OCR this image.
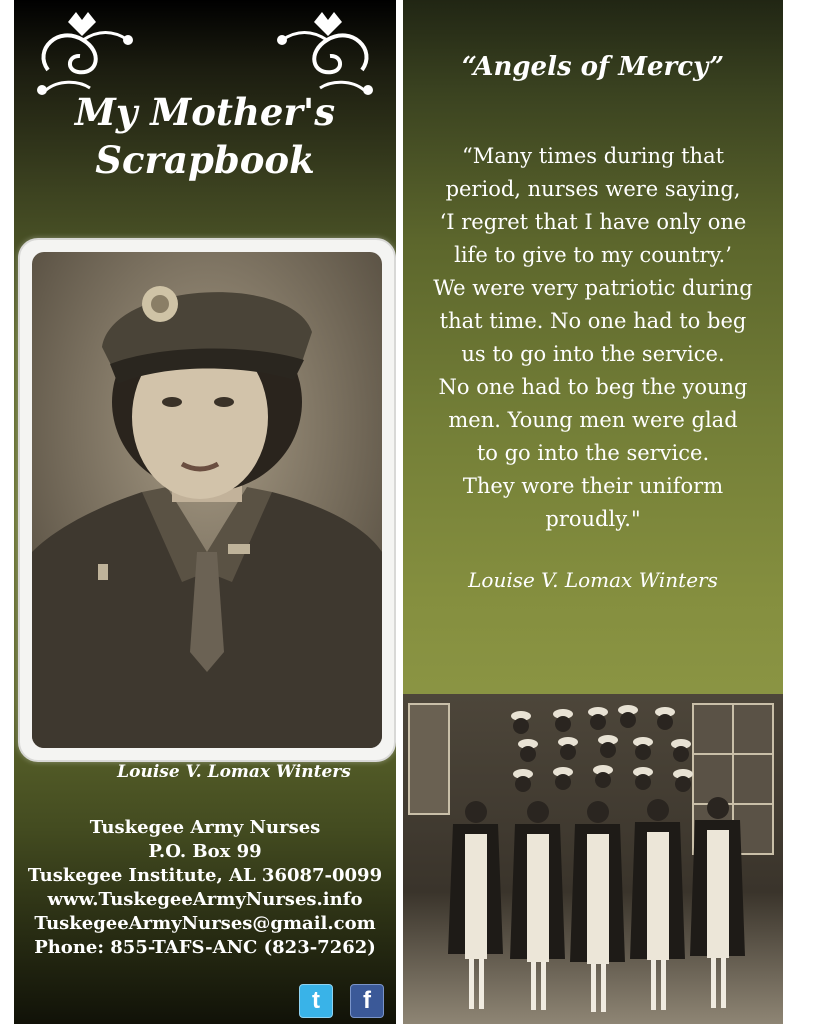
My Mother's
Scrapbook
Louise V. Lomax Winters
Tuskegee Army Nurses
P.O. Box 99
Tuskegee Institute, AL 36087-0099
www.TuskegeeArmyNurses.info
TuskegeeArmyNurses@gmail.com
Phone: 855-TAFS-ANC (823-7262)
t	f
“Angels of Mercy”
“Many times during that
period, nurses were saying,
‘I regret that I have only one
life to give to my country.’
We were very patriotic during
that time. No one had to beg
us to go into the service.
No one had to beg the young
men. Young men were glad
to go into the service.
They wore their uniform
proudly."
Louise V. Lomax Winters
